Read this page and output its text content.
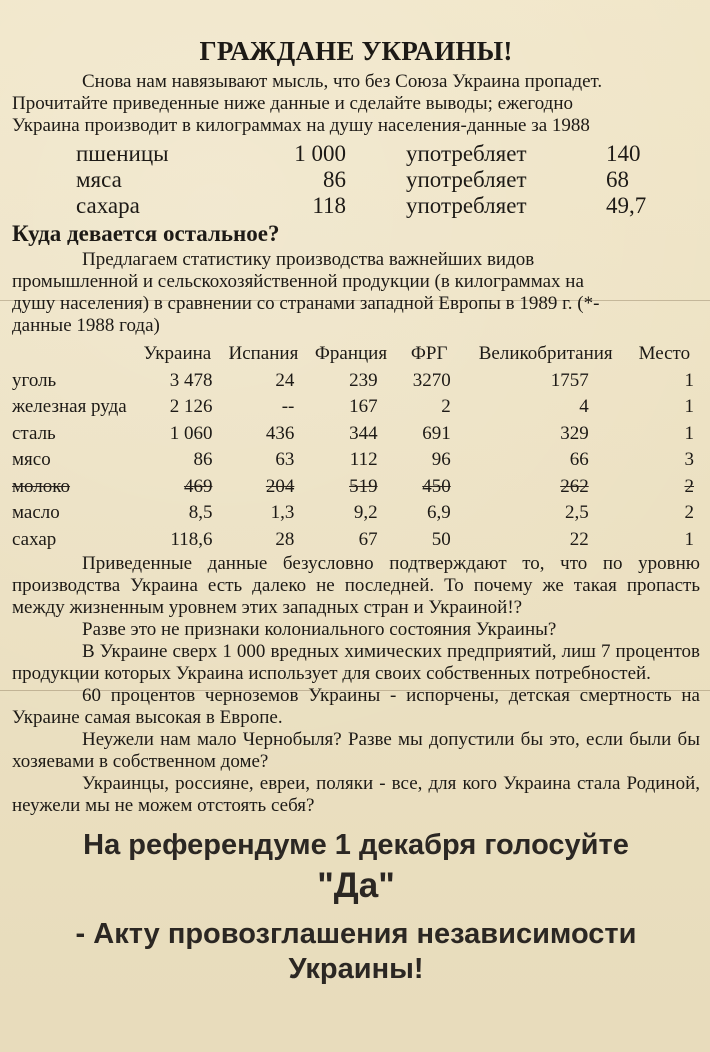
ГРАЖДАНЕ УКРАИНЫ!

Снова нам навязывают мысль, что без Союза Украина пропадет.

Прочитайте приведенные ниже данные и сделайте выводы; ежегодно

Украина производит в килограммах на душу населения-данные за 1988

пшеницы	1 000	употребляет	140
мяса	86	употребляет	68
сахара	118	употребляет	49,7
Куда девается остальное?

Предлагаем статистику производства важнейших видов

промышленной и сельскохозяйственной продукции (в килограммах на

душу населения) в сравнении со странами западной Европы в 1989 г. (*-

данные 1988 года)

	Украина	Испания	Франция	ФРГ	Великобритания	Место
уголь	3 478	24	239	3270	1757	1
железная руда	2 126	--	167	2	4	1
сталь	1 060	436	344	691	329	1
мясо	86	63	112	96	66	3
молоко	469	204	519	450	262	2
масло	8,5	1,3	9,2	6,9	2,5	2
сахар	118,6	28	67	50	22	1

Приведенные данные безусловно подтверждают то, что по уровню производства Украина есть далеко не последней. То почему же такая пропасть между жизненным уровнем этих западных стран и Украиной!?

Разве это не признаки колониального состояния Украины?

В Украине сверх 1 000 вредных химических предприятий, лиш 7 процентов продукции которых Украина использует для своих собственных потребностей.

60 процентов черноземов Украины - испорчены, детская смертность на Украине самая высокая в Европе.

Неужели нам мало Чернобыля? Разве мы допустили бы это, если были бы хозяевами в собственном доме?

Украинцы, россияне, евреи, поляки - все, для кого Украина стала Родиной, неужели мы не можем отстоять себя?

На референдуме 1 декабря голосуйте
"Да"
- Акту провозглашения независимости
Украины!
